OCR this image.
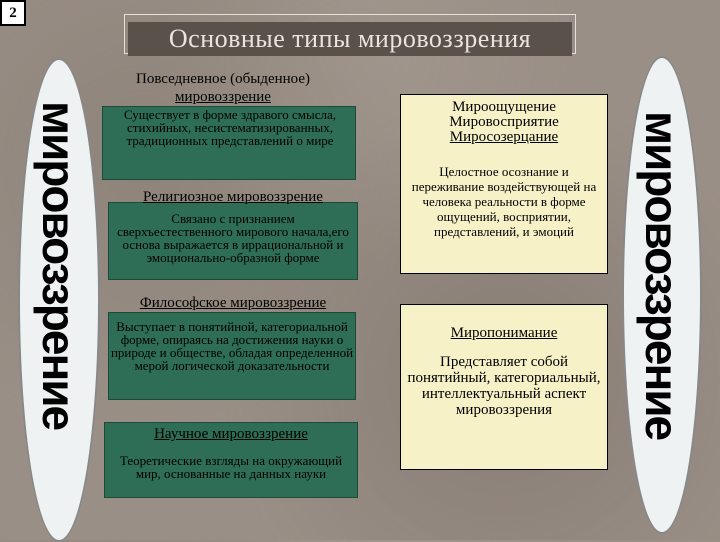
2
Основные типы мировоззрения
мировоззрение	мировоззрение
Повседневное (обыденное)
мировоззрение
Существует в форме здравого смысла, стихийных, несистематизированных, традиционных представлений о мире
Религиозное мировоззрение
Связано с признанием сверхъестественного мирового начала,его основа выражается в иррациональной и эмоционально-образной форме
Философское мировоззрение
Выступает в понятийной, категориальной форме, опираясь на достижения науки о природе и обществе, обладая определенной мерой логической доказательности
Научное мировоззрение
Теоретические взгляды на окружающий мир, основанные на данных науки
Мироощущение
Мировосприятие
Миросозерцание
Целостное осознание и переживание воздействующей на человека реальности в форме ощущений, восприятии, представлений, и эмоций
Миропонимание
Представляет собой понятийный, категориальный, интеллектуальный аспект мировоззрения
